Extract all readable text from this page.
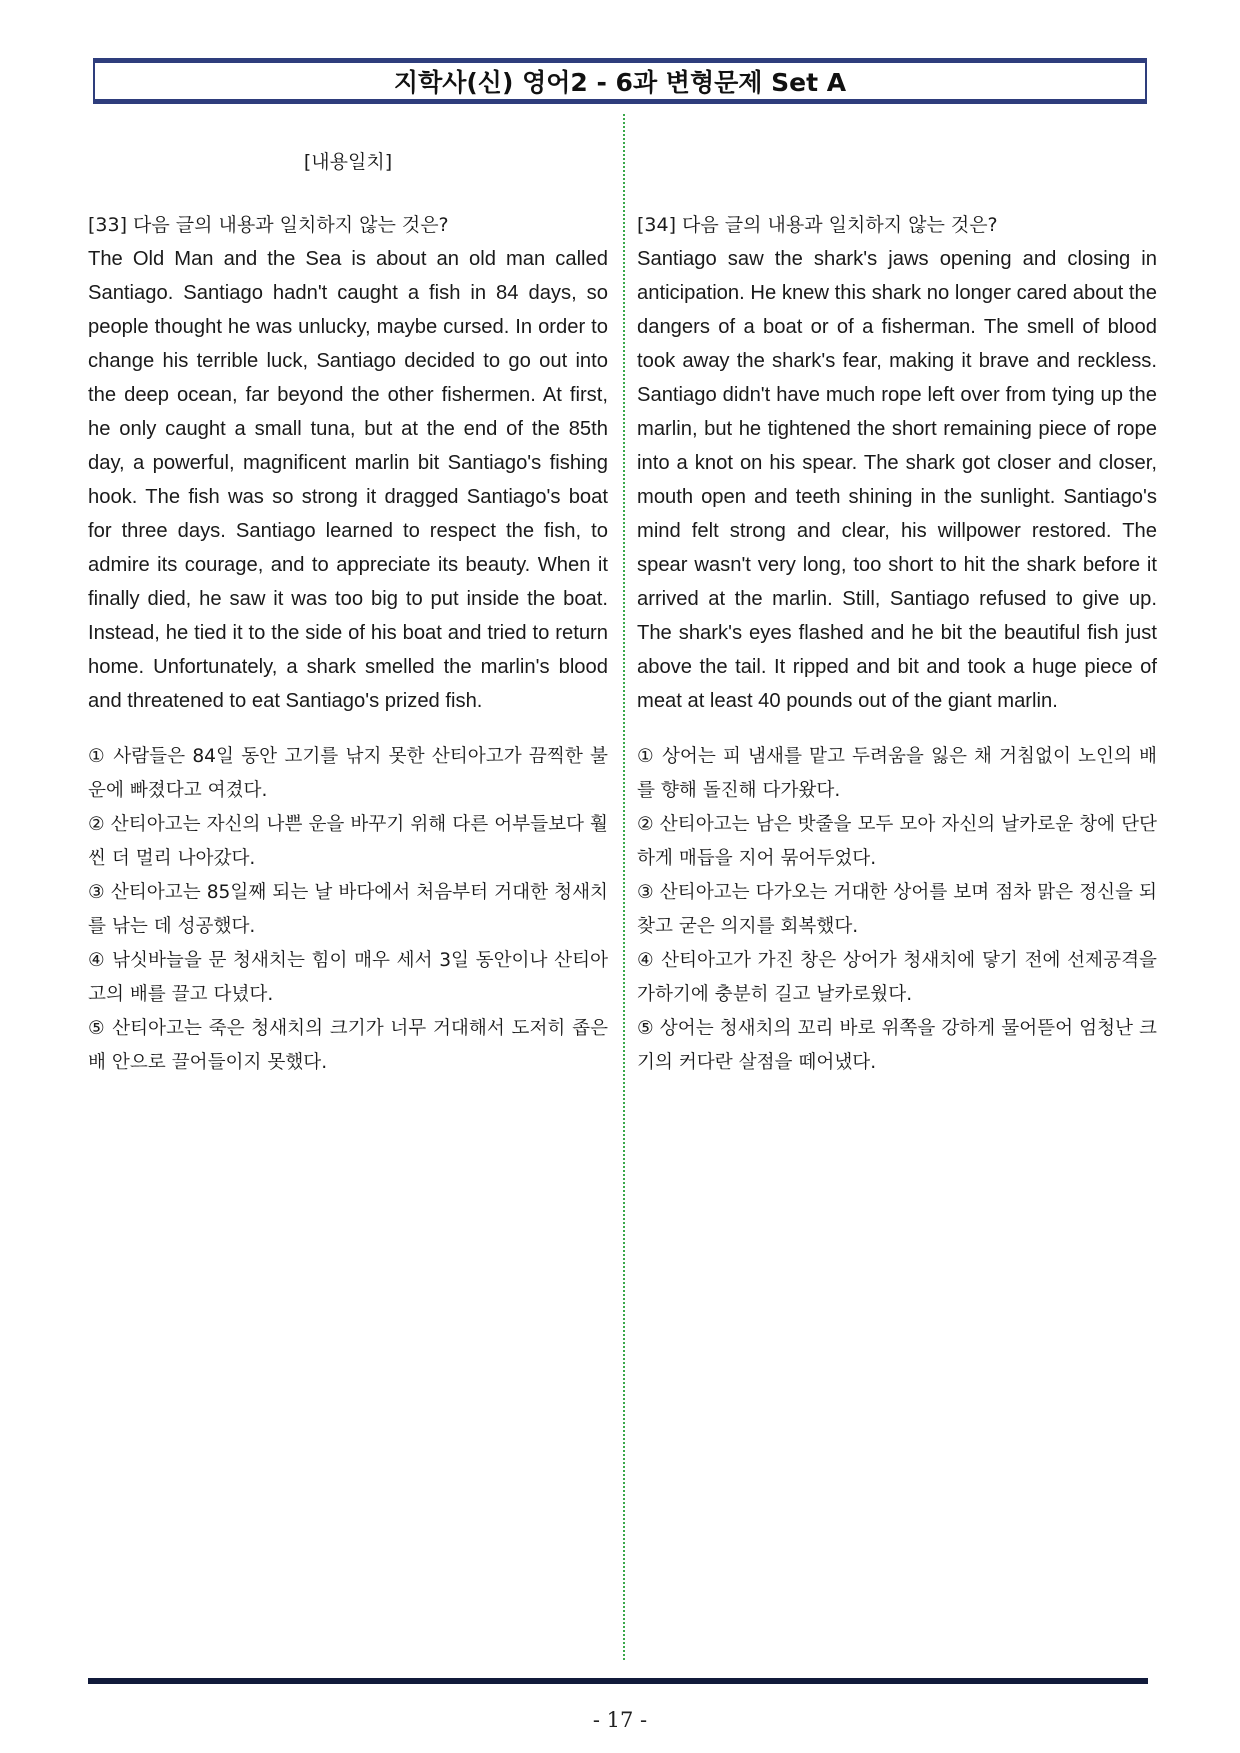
지학사(신) 영어2 - 6과 변형문제 Set A

[내용일치]

[33] 다음 글의 내용과 일치하지 않는 것은?

The Old Man and the Sea is about an old man called Santiago. Santiago hadn't caught a fish in 84 days, so people thought he was unlucky, maybe cursed. In order to change his terrible luck, Santiago decided to go out into the deep ocean, far beyond the other fishermen. At first, he only caught a small tuna, but at the end of the 85th day, a powerful, magnificent marlin bit Santiago's fishing hook. The fish was so strong it dragged Santiago's boat for three days. Santiago learned to respect the fish, to admire its courage, and to appreciate its beauty. When it finally died, he saw it was too big to put inside the boat. Instead, he tied it to the side of his boat and tried to return home. Unfortunately, a shark smelled the marlin's blood and threatened to eat Santiago's prized fish.

① 사람들은 84일 동안 고기를 낚지 못한 산티아고가 끔찍한 불운에 빠졌다고 여겼다.
② 산티아고는 자신의 나쁜 운을 바꾸기 위해 다른 어부들보다 훨씬 더 멀리 나아갔다.
③ 산티아고는 85일째 되는 날 바다에서 처음부터 거대한 청새치를 낚는 데 성공했다.
④ 낚싯바늘을 문 청새치는 힘이 매우 세서 3일 동안이나 산티아고의 배를 끌고 다녔다.
⑤ 산티아고는 죽은 청새치의 크기가 너무 거대해서 도저히 좁은 배 안으로 끌어들이지 못했다.

[34] 다음 글의 내용과 일치하지 않는 것은?

Santiago saw the shark's jaws opening and closing in anticipation. He knew this shark no longer cared about the dangers of a boat or of a fisherman. The smell of blood took away the shark's fear, making it brave and reckless. Santiago didn't have much rope left over from tying up the marlin, but he tightened the short remaining piece of rope into a knot on his spear. The shark got closer and closer, mouth open and teeth shining in the sunlight. Santiago's mind felt strong and clear, his willpower restored. The spear wasn't very long, too short to hit the shark before it arrived at the marlin. Still, Santiago refused to give up. The shark's eyes flashed and he bit the beautiful fish just above the tail. It ripped and bit and took a huge piece of meat at least 40 pounds out of the giant marlin.

① 상어는 피 냄새를 맡고 두려움을 잃은 채 거침없이 노인의 배를 향해 돌진해 다가왔다.
② 산티아고는 남은 밧줄을 모두 모아 자신의 날카로운 창에 단단하게 매듭을 지어 묶어두었다.
③ 산티아고는 다가오는 거대한 상어를 보며 점차 맑은 정신을 되찾고 굳은 의지를 회복했다.
④ 산티아고가 가진 창은 상어가 청새치에 닿기 전에 선제공격을 가하기에 충분히 길고 날카로웠다.
⑤ 상어는 청새치의 꼬리 바로 위쪽을 강하게 물어뜯어 엄청난 크기의 커다란 살점을 떼어냈다.
- 17 -
